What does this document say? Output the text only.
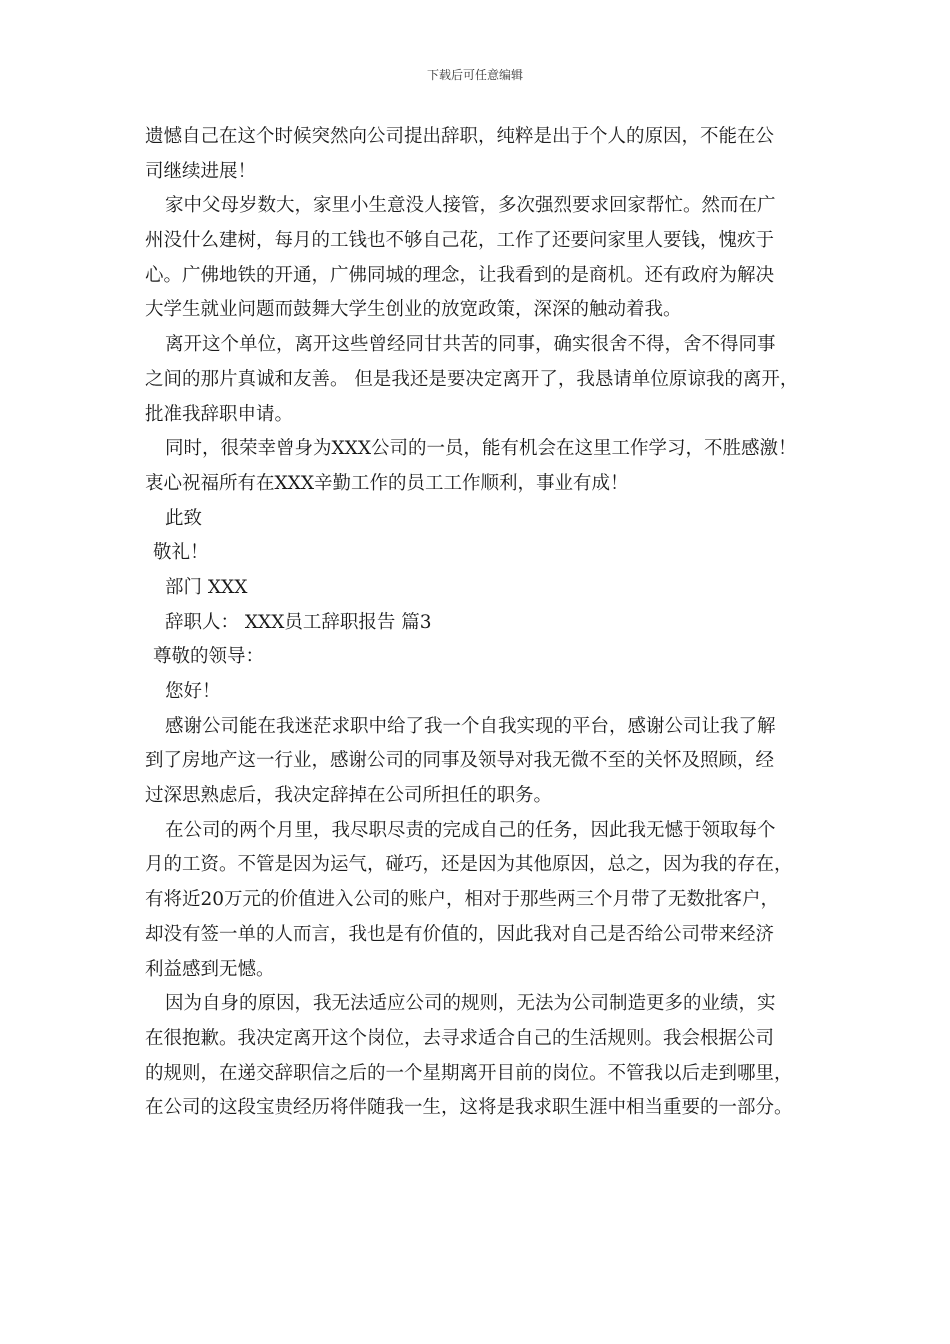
下载后可任意编辑
遗憾自己在这个时候突然向公司提出辞职，纯粹是出于个人的原因，不能在公
司继续进展！
家中父母岁数大，家里小生意没人接管，多次强烈要求回家帮忙。然而在广
州没什么建树，每月的工钱也不够自己花，工作了还要问家里人要钱，愧疚于
心。广佛地铁的开通，广佛同城的理念，让我看到的是商机。还有政府为解决
大学生就业问题而鼓舞大学生创业的放宽政策，深深的触动着我。
离开这个单位，离开这些曾经同甘共苦的同事，确实很舍不得，舍不得同事
之间的那片真诚和友善。 但是我还是要决定离开了，我恳请单位原谅我的离开，
批准我辞职申请。
同时，很荣幸曾身为XXX公司的一员，能有机会在这里工作学习，不胜感激！
衷心祝福所有在XXX辛勤工作的员工工作顺利，事业有成！
此致
敬礼！
部门 XXX
辞职人： XXX员工辞职报告 篇3
尊敬的领导：
您好！
感谢公司能在我迷茫求职中给了我一个自我实现的平台，感谢公司让我了解
到了房地产这一行业，感谢公司的同事及领导对我无微不至的关怀及照顾，经
过深思熟虑后，我决定辞掉在公司所担任的职务。
在公司的两个月里，我尽职尽责的完成自己的任务，因此我无憾于领取每个
月的工资。不管是因为运气，碰巧，还是因为其他原因，总之，因为我的存在，
有将近20万元的价值进入公司的账户，相对于那些两三个月带了无数批客户，
却没有签一单的人而言，我也是有价值的，因此我对自己是否给公司带来经济
利益感到无憾。
因为自身的原因，我无法适应公司的规则，无法为公司制造更多的业绩，实
在很抱歉。我决定离开这个岗位，去寻求适合自己的生活规则。我会根据公司
的规则，在递交辞职信之后的一个星期离开目前的岗位。不管我以后走到哪里，
在公司的这段宝贵经历将伴随我一生，这将是我求职生涯中相当重要的一部分。
